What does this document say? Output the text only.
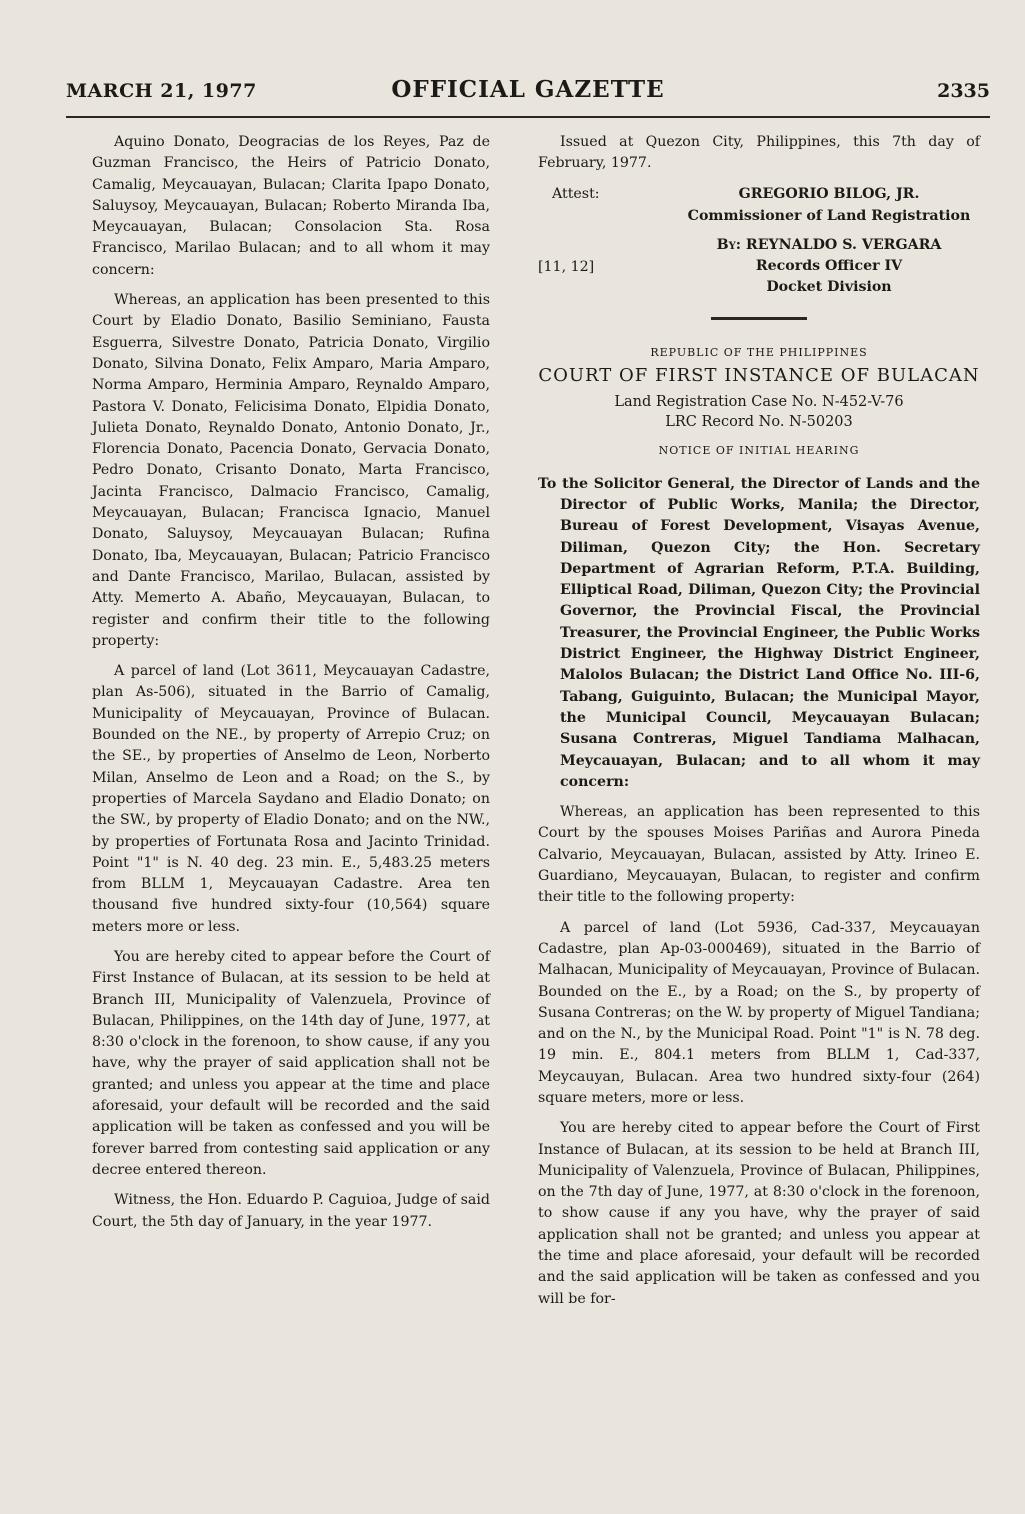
MARCH 21, 1977	OFFICIAL GAZETTE	2335

Aquino Donato, Deogracias de los Reyes, Paz de Guzman Francisco, the Heirs of Patricio Donato, Camalig, Meycauayan, Bulacan; Clarita Ipapo Donato, Saluysoy, Meycauayan, Bulacan; Roberto Miranda Iba, Meycauayan, Bulacan; Consolacion Sta. Rosa Francisco, Marilao Bulacan; and to all whom it may concern:

Whereas, an application has been presented to this Court by Eladio Donato, Basilio Seminiano, Fausta Esguerra, Silvestre Donato, Patricia Donato, Virgilio Donato, Silvina Donato, Felix Amparo, Maria Amparo, Norma Amparo, Herminia Amparo, Reynaldo Amparo, Pastora V. Donato, Felicisima Donato, Elpidia Donato, Julieta Donato, Reynaldo Donato, Antonio Donato, Jr., Florencia Donato, Pacencia Donato, Gervacia Donato, Pedro Donato, Crisanto Donato, Marta Francisco, Jacinta Francisco, Dalmacio Francisco, Camalig, Meycauayan, Bulacan; Francisca Ignacio, Manuel Donato, Saluysoy, Meycauayan Bulacan; Rufina Donato, Iba, Meycauayan, Bulacan; Patricio Francisco and Dante Francisco, Marilao, Bulacan, assisted by Atty. Memerto A. Abaño, Meycauayan, Bulacan, to register and confirm their title to the following property:

A parcel of land (Lot 3611, Meycauayan Cadastre, plan As-506), situated in the Barrio of Camalig, Municipality of Meycauayan, Province of Bulacan. Bounded on the NE., by property of Arrepio Cruz; on the SE., by properties of Anselmo de Leon, Norberto Milan, Anselmo de Leon and a Road; on the S., by properties of Marcela Saydano and Eladio Donato; on the SW., by property of Eladio Donato; and on the NW., by properties of Fortunata Rosa and Jacinto Trinidad. Point "1" is N. 40 deg. 23 min. E., 5,483.25 meters from BLLM 1, Meycauayan Cadastre. Area ten thousand five hundred sixty-four (10,564) square meters more or less.

You are hereby cited to appear before the Court of First Instance of Bulacan, at its session to be held at Branch III, Municipality of Valenzuela, Province of Bulacan, Philippines, on the 14th day of June, 1977, at 8:30 o'clock in the forenoon, to show cause, if any you have, why the prayer of said application shall not be granted; and unless you appear at the time and place aforesaid, your default will be recorded and the said application will be taken as confessed and you will be forever barred from contesting said application or any decree entered thereon.

Witness, the Hon. Eduardo P. Caguioa, Judge of said Court, the 5th day of January, in the year 1977.

Issued at Quezon City, Philippines, this 7th day of February, 1977.

Attest:	GREGORIO BILOG, JR.
Commissioner of Land Registration
By: REYNALDO S. VERGARA
[11, 12]	Records Officer IV
Docket Division
REPUBLIC OF THE PHILIPPINES
COURT OF FIRST INSTANCE OF BULACAN
Land Registration Case No. N-452-V-76
LRC Record No. N-50203
NOTICE OF INITIAL HEARING

To the Solicitor General, the Director of Lands and the Director of Public Works, Manila; the Director, Bureau of Forest Development, Visayas Avenue, Diliman, Quezon City; the Hon. Secretary Department of Agrarian Reform, P.T.A. Building, Elliptical Road, Diliman, Quezon City; the Provincial Governor, the Provincial Fiscal, the Provincial Treasurer, the Provincial Engineer, the Public Works District Engineer, the Highway District Engineer, Malolos Bulacan; the District Land Office No. III-6, Tabang, Guiguinto, Bulacan; the Municipal Mayor, the Municipal Council, Meycauayan Bulacan; Susana Contreras, Miguel Tandiama Malhacan, Meycauayan, Bulacan; and to all whom it may concern:

Whereas, an application has been represented to this Court by the spouses Moises Pariñas and Aurora Pineda Calvario, Meycauayan, Bulacan, assisted by Atty. Irineo E. Guardiano, Meycauayan, Bulacan, to register and confirm their title to the following property:

A parcel of land (Lot 5936, Cad-337, Meycauayan Cadastre, plan Ap-03-000469), situated in the Barrio of Malhacan, Municipality of Meycauayan, Province of Bulacan. Bounded on the E., by a Road; on the S., by property of Susana Contreras; on the W. by property of Miguel Tandiana; and on the N., by the Municipal Road. Point "1" is N. 78 deg. 19 min. E., 804.1 meters from BLLM 1, Cad-337, Meycauyan, Bulacan. Area two hundred sixty-four (264) square meters, more or less.

You are hereby cited to appear before the Court of First Instance of Bulacan, at its session to be held at Branch III, Municipality of Valenzuela, Province of Bulacan, Philippines, on the 7th day of June, 1977, at 8:30 o'clock in the forenoon, to show cause if any you have, why the prayer of said application shall not be granted; and unless you appear at the time and place aforesaid, your default will be recorded and the said application will be taken as confessed and you will be for-
